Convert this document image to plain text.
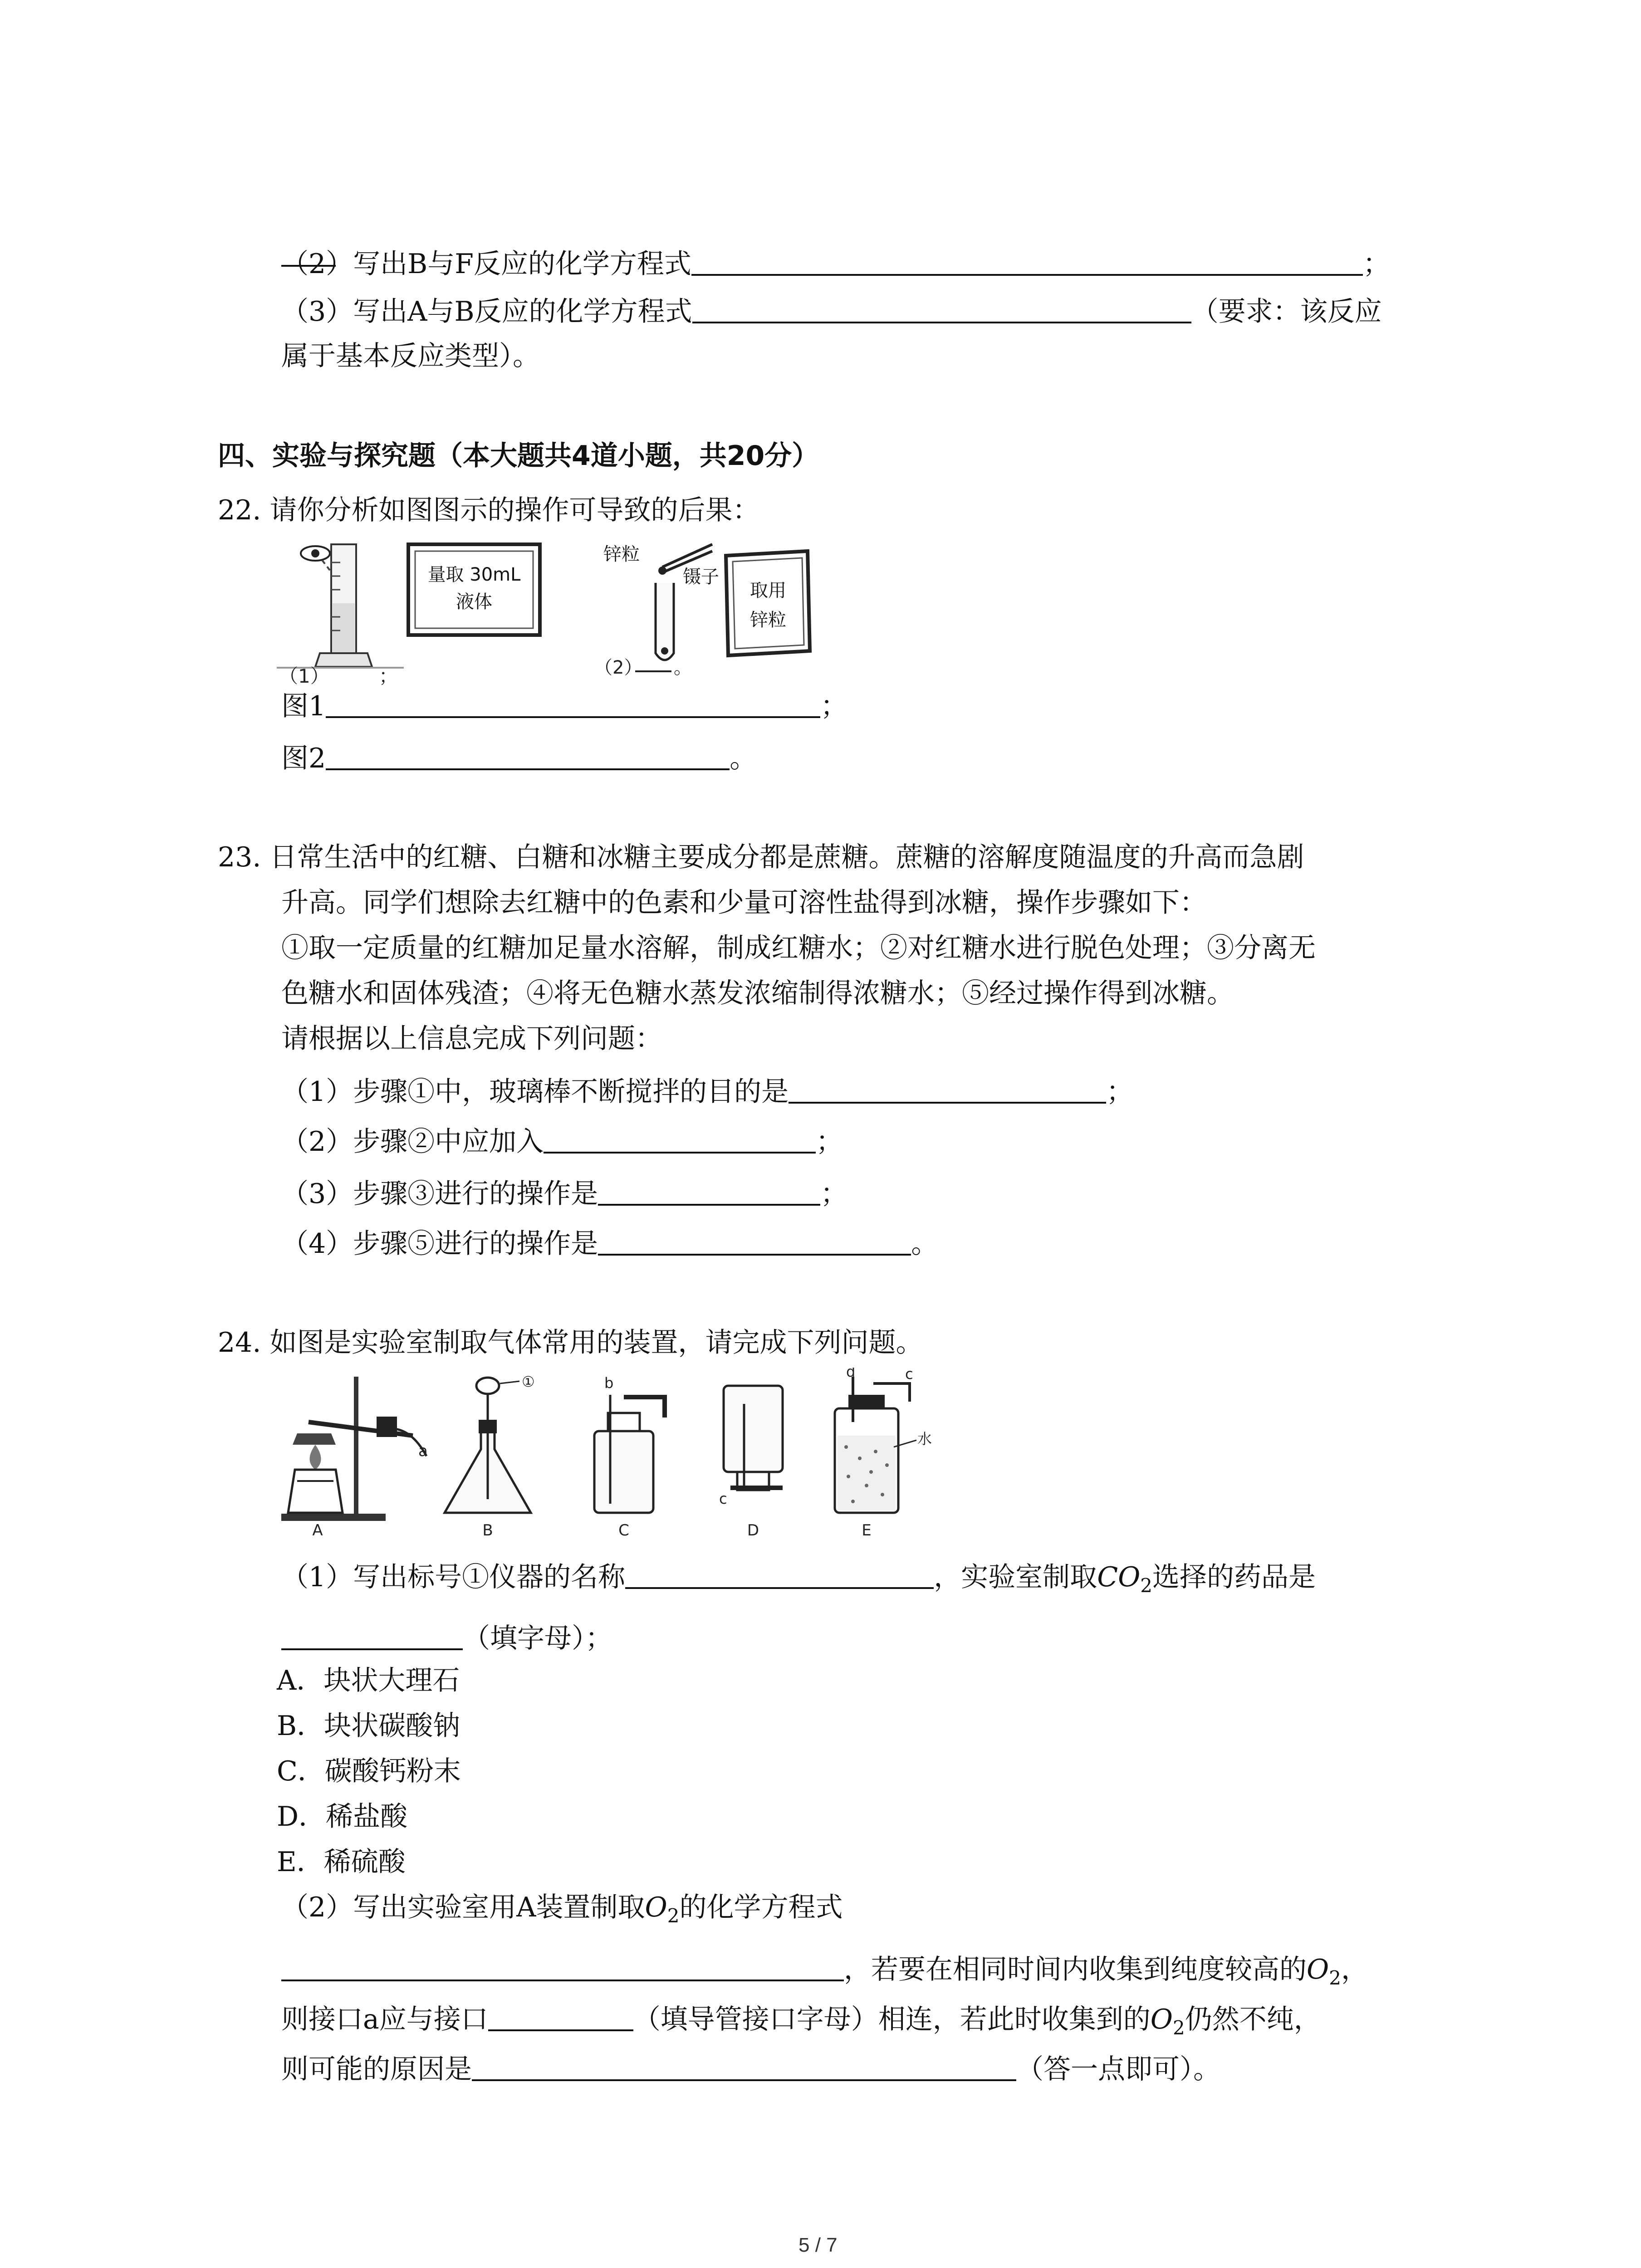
（2）写出B与F反应的化学方程式	；
（3）写出A与B反应的化学方程式	（要求：该反应
属于基本反应类型）。
四、实验与探究题（本大题共4道小题，共20分）
22. 请你分析如图图示的操作可导致的后果：
（1）	；
量取 30mL
液体
锌粒
镊子
（2） 。
取用
锌粒
图1	；
图2	。
23. 日常生活中的红糖、白糖和冰糖主要成分都是蔗糖。蔗糖的溶解度随温度的升高而急剧
升高。同学们想除去红糖中的色素和少量可溶性盐得到冰糖，操作步骤如下：
①取一定质量的红糖加足量水溶解，制成红糖水；②对红糖水进行脱色处理；③分离无
色糖水和固体残渣；④将无色糖水蒸发浓缩制得浓糖水；⑤经过操作得到冰糖。
请根据以上信息完成下列问题：
（1）步骤①中，玻璃棒不断搅拌的目的是	；
（2）步骤②中应加入	；
（3）步骤③进行的操作是	；
（4）步骤⑤进行的操作是	。
24. 如图是实验室制取气体常用的装置，请完成下列问题。
a
A
①
B
b
C
c
D
d	c
水
E
（1）写出标号①仪器的名称	，实验室制取$CO_2$选择的药品是
（填字母）；
A．块状大理石
B．块状碳酸钠
C．碳酸钙粉末
D．稀盐酸
E．稀硫酸
（2）写出实验室用A装置制取$O_2$的化学方程式
，若要在相同时间内收集到纯度较高的$O_2$，
则接口a应与接口	（填导管接口字母）相连，若此时收集到的$O_2$仍然不纯，
则可能的原因是	（答一点即可）。
5 / 7
